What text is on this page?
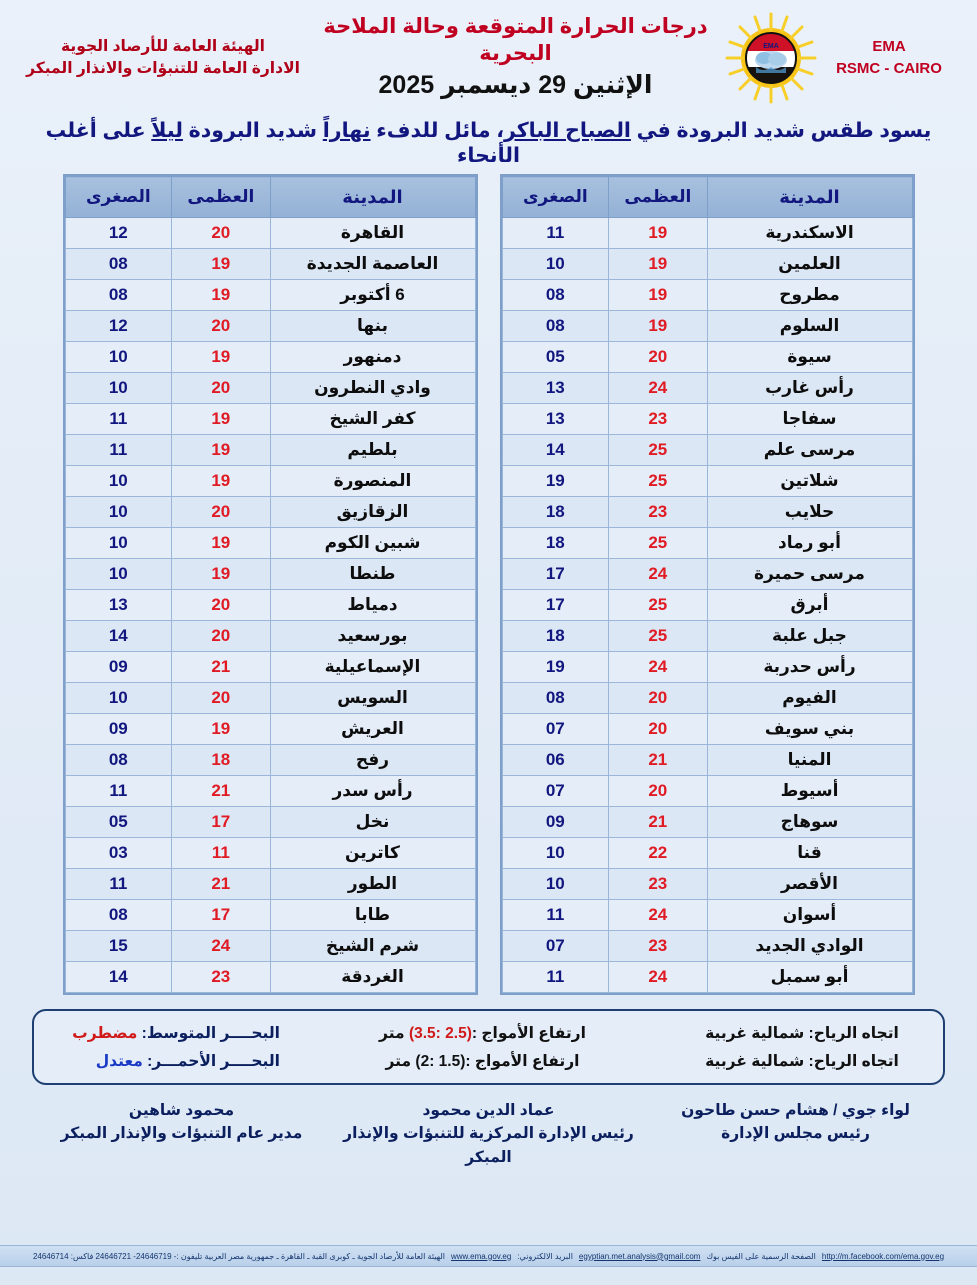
الهيئة العامة للأرصاد الجوية
الادارة العامة للتنبؤات والانذار المبكر
درجات الحرارة المتوقعة وحالة الملاحة البحرية
الإثنين 29 ديسمبر 2025
EMA	EMA
RSMC - CAIRO
يسود طقس شديد البرودة في الصباح الباكر، مائل للدفء نهاراً شديد البرودة ليلاً على أغلب الأنحاء
المدينة	العظمى	الصغرى
القاهرة	20	12
العاصمة الجديدة	19	08
6 أكتوبر	19	08
بنها	20	12
دمنهور	19	10
وادي النطرون	20	10
كفر الشيخ	19	11
بلطيم	19	11
المنصورة	19	10
الزقازيق	20	10
شبين الكوم	19	10
طنطا	19	10
دمياط	20	13
بورسعيد	20	14
الإسماعيلية	21	09
السويس	20	10
العريش	19	09
رفح	18	08
رأس سدر	21	11
نخل	17	05
كاترين	11	03
الطور	21	11
طابا	17	08
شرم الشيخ	24	15
الغردقة	23	14
المدينة	العظمى	الصغرى
الاسكندرية	19	11
العلمين	19	10
مطروح	19	08
السلوم	19	08
سيوة	20	05
رأس غارب	24	13
سفاجا	23	13
مرسى علم	25	14
شلاتين	25	19
حلايب	23	18
أبو رماد	25	18
مرسى حميرة	24	17
أبرق	25	17
جبل علبة	25	18
رأس حدربة	24	19
الفيوم	20	08
بني سويف	20	07
المنيا	21	06
أسيوط	20	07
سوهاج	21	09
قنا	22	10
الأقصر	23	10
أسوان	24	11
الوادي الجديد	23	07
أبو سمبل	24	11
البحــــر المتوسط: مضطرب	ارتفاع الأمواج :(2.5 :3.5) متر	اتجاه الرياح: شمالية غربية
البحــــر الأحمـــر: معتدل	ارتفاع الأمواج :(1.5 :2) متر	اتجاه الرياح: شمالية غربية
محمود شاهين
مدير عام التنبؤات والإنذار المبكر
عماد الدين محمود
رئيس الإدارة المركزية للتنبؤات والإنذار المبكر
لواء جوي / هشام حسن طاحون
رئيس مجلس الإدارة
الهيئة العامة للأرصاد الجوية ـ كوبرى القبة ـ القاهرة ـ جمهورية مصر العربية تليفون :- 24646719- 24646721 فاكس: 24646714 www.ema.gov.eg البريد الالكتروني: egyptian.met.analysis@gmail.com الصفحة الرسمية على الفيس بوك http://m.facebook.com/ema.gov.eg
